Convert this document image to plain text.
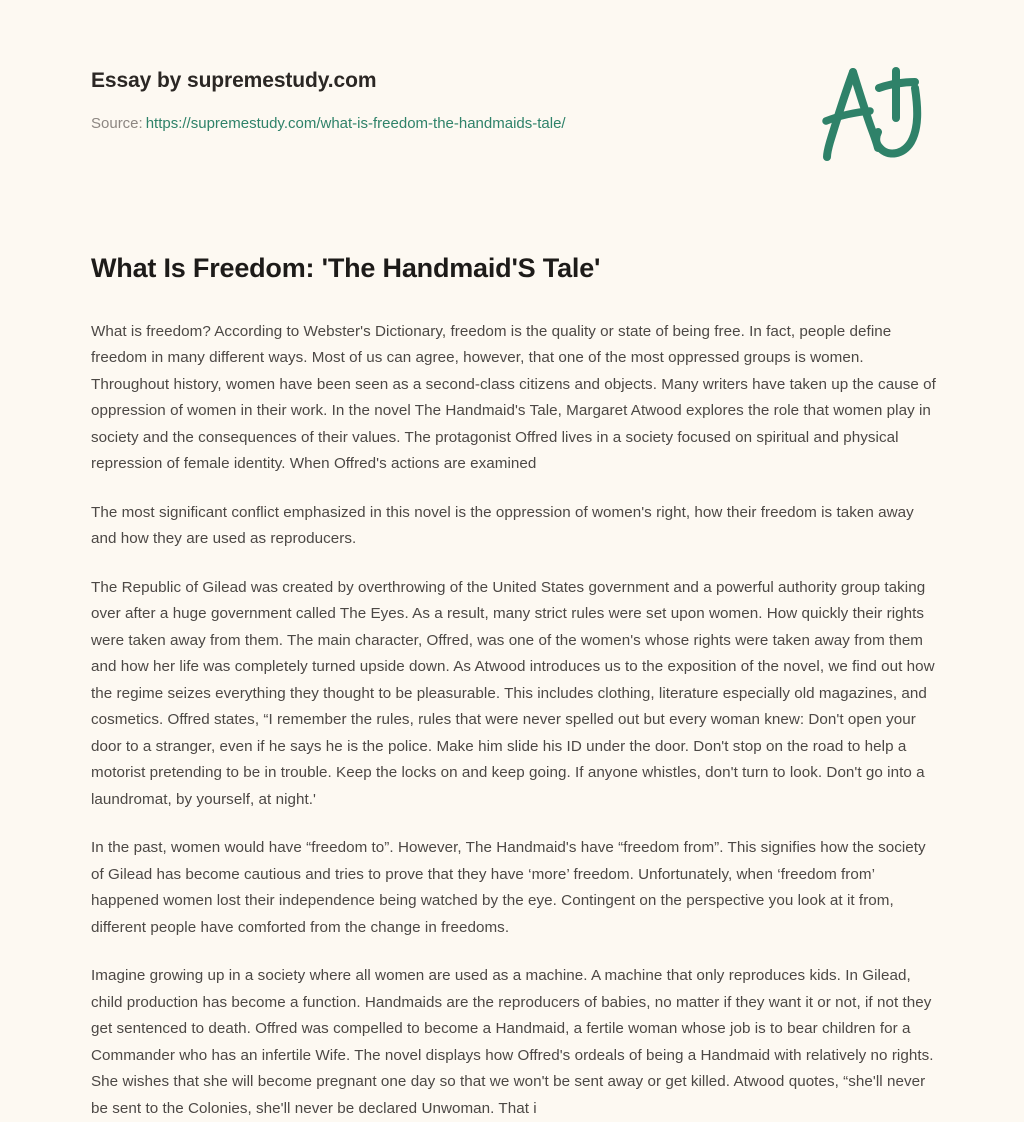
Essay by supremestudy.com
Source: https://supremestudy.com/what-is-freedom-the-handmaids-tale/
What Is Freedom: 'The Handmaid'S Tale'

What is freedom? According to Webster's Dictionary, freedom is the quality or state of being free. In fact, people define freedom in many different ways. Most of us can agree, however, that one of the most oppressed groups is women. Throughout history, women have been seen as a second-class citizens and objects. Many writers have taken up the cause of oppression of women in their work. In the novel The Handmaid's Tale, Margaret Atwood explores the role that women play in society and the consequences of their values. The protagonist Offred lives in a society focused on spiritual and physical repression of female identity. When Offred's actions are examined

The most significant conflict emphasized in this novel is the oppression of women's right, how their freedom is taken away and how they are used as reproducers.

The Republic of Gilead was created by overthrowing of the United States government and a powerful authority group taking over after a huge government called The Eyes. As a result, many strict rules were set upon women. How quickly their rights were taken away from them. The main character, Offred, was one of the women's whose rights were taken away from them and how her life was completely turned upside down. As Atwood introduces us to the exposition of the novel, we find out how the regime seizes everything they thought to be pleasurable. This includes clothing, literature especially old magazines, and cosmetics. Offred states, “I remember the rules, rules that were never spelled out but every woman knew: Don't open your door to a stranger, even if he says he is the police. Make him slide his ID under the door. Don't stop on the road to help a motorist pretending to be in trouble. Keep the locks on and keep going. If anyone whistles, don't turn to look. Don't go into a laundromat, by yourself, at night.'

In the past, women would have “freedom to”. However, The Handmaid's have “freedom from”. This signifies how the society of Gilead has become cautious and tries to prove that they have ‘more’ freedom. Unfortunately, when ‘freedom from’ happened women lost their independence being watched by the eye. Contingent on the perspective you look at it from, different people have comforted from the change in freedoms.

Imagine growing up in a society where all women are used as a machine. A machine that only reproduces kids. In Gilead, child production has become a function. Handmaids are the reproducers of babies, no matter if they want it or not, if not they get sentenced to death. Offred was compelled to become a Handmaid, a fertile woman whose job is to bear children for a Commander who has an infertile Wife. The novel displays how Offred's ordeals of being a Handmaid with relatively no rights. She wishes that she will become pregnant one day so that we won't be sent away or get killed. Atwood quotes, “she'll never be sent to the Colonies, she'll never be declared Unwoman. That i
